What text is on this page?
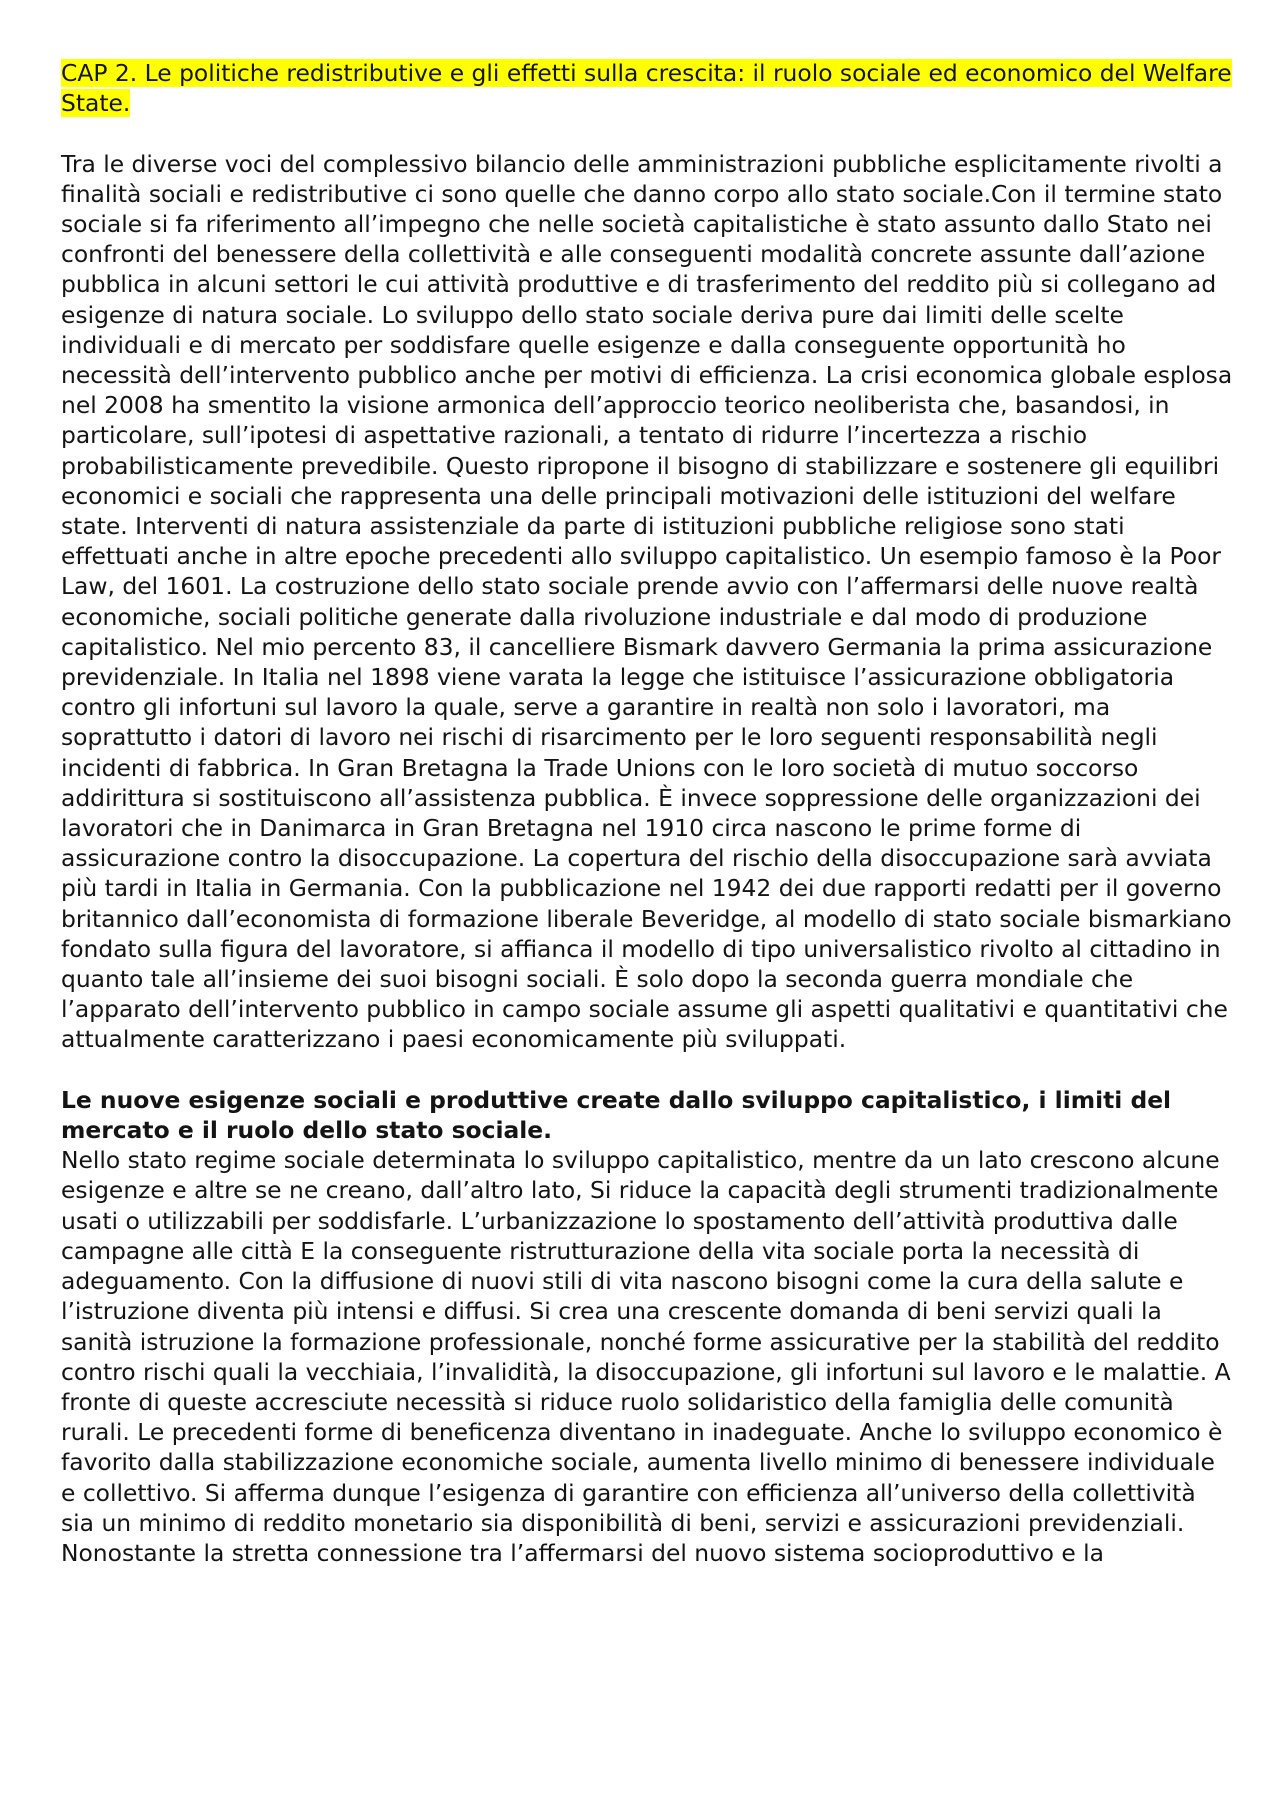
CAP 2. Le politiche redistributive e gli effetti sulla crescita: il ruolo sociale ed economico del Welfare State.

Tra le diverse voci del complessivo bilancio delle amministrazioni pubbliche esplicitamente rivolti a finalità sociali e redistributive ci sono quelle che danno corpo allo stato sociale.Con il termine stato sociale si fa riferimento all’impegno che nelle società capitalistiche è stato assunto dallo Stato nei confronti del benessere della collettività e alle conseguenti modalità concrete assunte dall’azione pubblica in alcuni settori le cui attività produttive e di trasferimento del reddito più si collegano ad esigenze di natura sociale. Lo sviluppo dello stato sociale deriva pure dai limiti delle scelte individuali e di mercato per soddisfare quelle esigenze e dalla conseguente opportunità ho necessità dell’intervento pubblico anche per motivi di efficienza. La crisi economica globale esplosa nel 2008 ha smentito la visione armonica dell’approccio teorico neoliberista che, basandosi, in particolare, sull’ipotesi di aspettative razionali, a tentato di ridurre l’incertezza a rischio probabilisticamente prevedibile. Questo ripropone il bisogno di stabilizzare e sostenere gli equilibri economici e sociali che rappresenta una delle principali motivazioni delle istituzioni del welfare state. Interventi di natura assistenziale da parte di istituzioni pubbliche religiose sono stati effettuati anche in altre epoche precedenti allo sviluppo capitalistico. Un esempio famoso è la Poor Law, del 1601. La costruzione dello stato sociale prende avvio con l’affermarsi delle nuove realtà economiche, sociali politiche generate dalla rivoluzione industriale e dal modo di produzione capitalistico. Nel mio percento 83, il cancelliere Bismark davvero Germania la prima assicurazione previdenziale. In Italia nel 1898 viene varata la legge che istituisce l’assicurazione obbligatoria contro gli infortuni sul lavoro la quale, serve a garantire in realtà non solo i lavoratori, ma soprattutto i datori di lavoro nei rischi di risarcimento per le loro seguenti responsabilità negli incidenti di fabbrica. In Gran Bretagna la Trade Unions con le loro società di mutuo soccorso addirittura si sostituiscono all’assistenza pubblica. È invece soppressione delle organizzazioni dei lavoratori che in Danimarca in Gran Bretagna nel 1910 circa nascono le prime forme di assicurazione contro la disoccupazione. La copertura del rischio della disoccupazione sarà avviata più tardi in Italia in Germania. Con la pubblicazione nel 1942 dei due rapporti redatti per il governo britannico dall’economista di formazione liberale Beveridge, al modello di stato sociale bismarkiano fondato sulla figura del lavoratore, si affianca il modello di tipo universalistico rivolto al cittadino in quanto tale all’insieme dei suoi bisogni sociali. È solo dopo la seconda guerra mondiale che l’apparato dell’intervento pubblico in campo sociale assume gli aspetti qualitativi e quantitativi che attualmente caratterizzano i paesi economicamente più sviluppati.

Le nuove esigenze sociali e produttive create dallo sviluppo capitalistico, i limiti del mercato e il ruolo dello stato sociale.

Nello stato regime sociale determinata lo sviluppo capitalistico, mentre da un lato crescono alcune esigenze e altre se ne creano, dall’altro lato, Si riduce la capacità degli strumenti tradizionalmente usati o utilizzabili per soddisfarle. L’urbanizzazione lo spostamento dell’attività produttiva dalle campagne alle città E la conseguente ristrutturazione della vita sociale porta la necessità di adeguamento. Con la diffusione di nuovi stili di vita nascono bisogni come la cura della salute e l’istruzione diventa più intensi e diffusi. Si crea una crescente domanda di beni servizi quali la sanità istruzione la formazione professionale, nonché forme assicurative per la stabilità del reddito contro rischi quali la vecchiaia, l’invalidità, la disoccupazione, gli infortuni sul lavoro e le malattie. A fronte di queste accresciute necessità si riduce ruolo solidaristico della famiglia delle comunità rurali. Le precedenti forme di beneficenza diventano in inadeguate. Anche lo sviluppo economico è favorito dalla stabilizzazione economiche sociale, aumenta livello minimo di benessere individuale e collettivo. Si afferma dunque l’esigenza di garantire con efficienza all’universo della collettività sia un minimo di reddito monetario sia disponibilità di beni, servizi e assicurazioni previdenziali. Nonostante la stretta connessione tra l’affermarsi del nuovo sistema socioproduttivo e la
